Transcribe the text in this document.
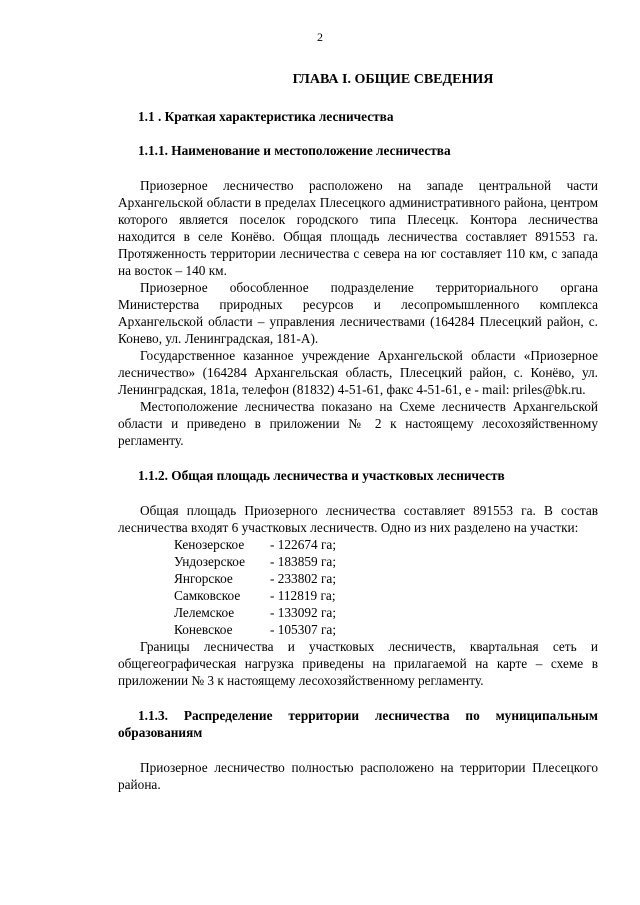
2
ГЛАВА I. ОБЩИЕ СВЕДЕНИЯ
1.1 . Краткая характеристика лесничества
1.1.1. Наименование и местоположение лесничества

Приозерное лесничество расположено на западе центральной части Архангельской области в пределах Плесецкого административного района, центром которого является поселок городского типа Плесецк. Контора лесничества находится в селе Конёво. Общая площадь лесничества составляет 891553 га. Протяженность территории лесничества с севера на юг составляет 110 км, с запада на восток – 140 км.

Приозерное обособленное подразделение территориального органа Министерства природных ресурсов и лесопромышленного комплекса Архангельской области – управления лесничествами (164284 Плесецкий район, с. Конево, ул. Ленинградская, 181-А).

Государственное казанное учреждение Архангельской области «Приозерное лесничество» (164284 Архангельская область, Плесецкий район, с. Конёво, ул. Ленинградская, 181а, телефон (81832) 4-51-61, факс 4-51-61, e - mail: priles@bk.ru.

Местоположение лесничества показано на Схеме лесничеств Архангельской области и приведено в приложении № 2 к настоящему лесохозяйственному регламенту.

1.1.2. Общая площадь лесничества и участковых лесничеств

Общая площадь Приозерного лесничества составляет 891553 га. В состав лесничества входят 6 участковых лесничеств. Одно из них разделено на участки:

Кенозерское	- 122674 га;
Ундозерское	- 183859 га;
Янгорское	- 233802 га;
Самковское	- 112819 га;
Лелемское	- 133092 га;
Коневское	- 105307 га;

Границы лесничества и участковых лесничеств, квартальная сеть и общегеографическая нагрузка приведены на прилагаемой на карте – схеме в приложении № 3 к настоящему лесохозяйственному регламенту.

1.1.3. Распределение территории лесничества по муниципальным образованиям

Приозерное лесничество полностью расположено на территории Плесецкого района.
